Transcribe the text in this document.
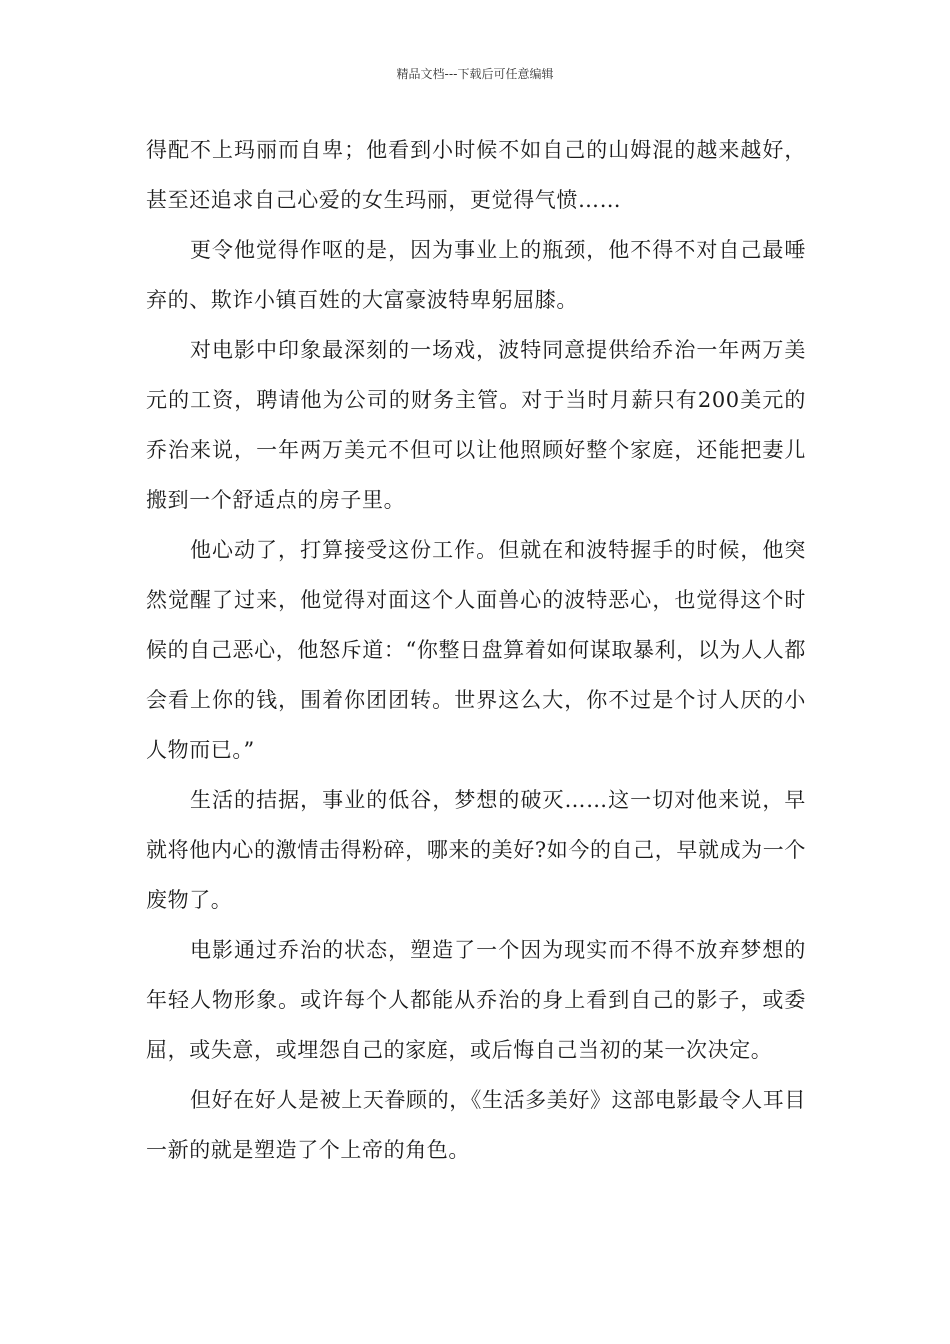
精品文档---下载后可任意编辑

得配不上玛丽而自卑；他看到小时候不如自己的山姆混的越来越好，甚至还追求自己心爱的女生玛丽，更觉得气愤……

更令他觉得作呕的是，因为事业上的瓶颈，他不得不对自己最唾弃的、欺诈小镇百姓的大富豪波特卑躬屈膝。

对电影中印象最深刻的一场戏，波特同意提供给乔治一年两万美元的工资，聘请他为公司的财务主管。对于当时月薪只有200美元的乔治来说，一年两万美元不但可以让他照顾好整个家庭，还能把妻儿搬到一个舒适点的房子里。

他心动了，打算接受这份工作。但就在和波特握手的时候，他突然觉醒了过来，他觉得对面这个人面兽心的波特恶心，也觉得这个时候的自己恶心，他怒斥道：“你整日盘算着如何谋取暴利，以为人人都会看上你的钱，围着你团团转。世界这么大，你不过是个讨人厌的小人物而已。”

生活的拮据，事业的低谷，梦想的破灭……这一切对他来说，早就将他内心的激情击得粉碎，哪来的美好?如今的自己，早就成为一个废物了。

电影通过乔治的状态，塑造了一个因为现实而不得不放弃梦想的年轻人物形象。或许每个人都能从乔治的身上看到自己的影子，或委屈，或失意，或埋怨自己的家庭，或后悔自己当初的某一次决定。

但好在好人是被上天眷顾的，《生活多美好》这部电影最令人耳目一新的就是塑造了个上帝的角色。
